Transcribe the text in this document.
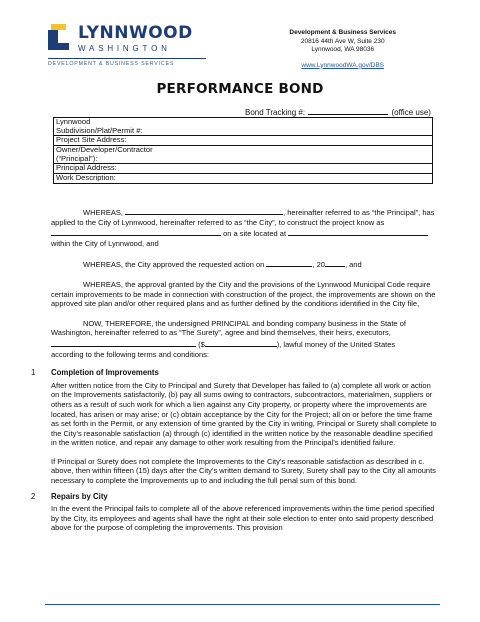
LYNNWOOD
WASHINGTON
DEVELOPMENT & BUSINESS SERVICES
Development & Business Services
20816 44th Ave W, Suite 230
Lynnwood, WA 98036
www.LynnwoodWA.gov/DBS
PERFORMANCE BOND
Bond Tracking #:	(office use)
Lynnwood
Subdivision/Plat/Permit #:

Project Site Address:

Owner/Developer/Contractor
(“Principal”):

Principal Address:

Work Description:

WHEREAS,	, hereinafter referred to as “the Principal”, has applied to the City of Lynnwood, hereinafter referred to as “the City”, to construct the project know as
on a site located at
within the City of Lynnwood, and

WHEREAS, the City approved the requested action on	, 20	, and

WHEREAS, the approval granted by the City and the provisions of the Lynnwood Municipal Code require certain improvements to be made in connection with construction of the project, the improvements are shown on the approved site plan and/or other required plans and as further defined by the conditions identified in the City file,

NOW, THEREFORE, the undersigned PRINCIPAL and bonding company business in the State of Washington, hereinafter referred to as “The Surety”, agree and bind themselves, their heirs, executors,
($	), lawful money of the United States
according to the following terms and conditions:

1 Completion of Improvements

After written notice from the City to Principal and Surety that Developer has failed to (a) complete all work or action on the Improvements satisfactorily, (b) pay all sums owing to contractors, subcontractors, materialmen, suppliers or others as a result of such work for which a lien against any City property, or property where the improvements are located, has arisen or may arise; or (c) obtain acceptance by the City for the Project; all on or before the time frame as set forth in the Permit, or any extension of time granted by the City in writing, Principal or Surety shall complete to the City’s reasonable satisfaction (a) through (c) identified in the written notice by the reasonable deadline specified in the written notice, and repair any damage to other work resulting from the Principal’s identified failure.

If Principal or Surety does not complete the Improvements to the City’s reasonable satisfaction as described in c. above, then within fifteen (15) days after the City’s written demand to Surety, Surety shall pay to the City all amounts necessary to complete the Improvements up to and including the full penal sum of this bond.

2 Repairs by City

In the event the Principal fails to complete all of the above referenced improvements within the time period specified by the City, its employees and agents shall have the right at their sole election to enter onto said property described above for the purpose of completing the improvements. This provision
